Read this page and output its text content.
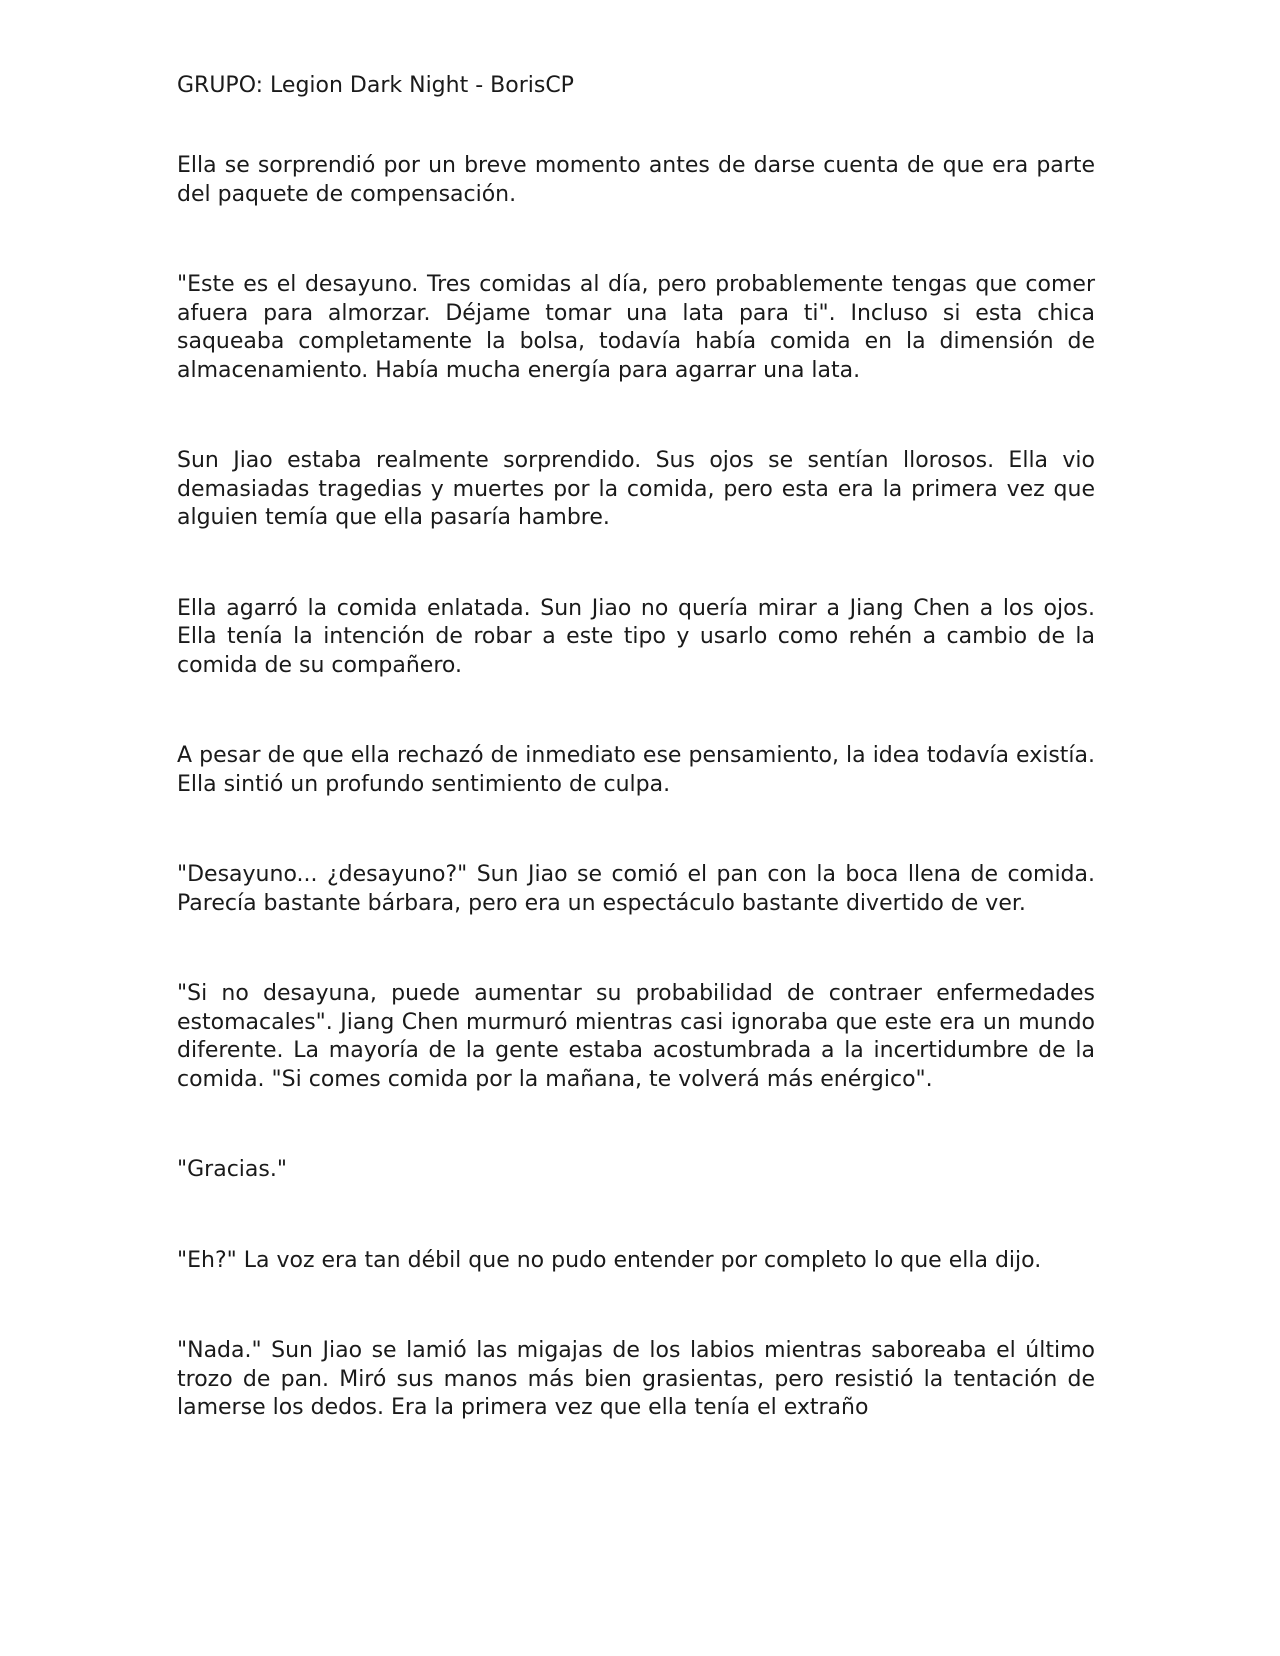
GRUPO: Legion Dark Night - BorisCP

Ella se sorprendió por un breve momento antes de darse cuenta de que era parte del paquete de compensación.

"Este es el desayuno. Tres comidas al día, pero probablemente tengas que comer afuera para almorzar. Déjame tomar una lata para ti". Incluso si esta chica saqueaba completamente la bolsa, todavía había comida en la dimensión de almacenamiento. Había mucha energía para agarrar una lata.

Sun Jiao estaba realmente sorprendido. Sus ojos se sentían llorosos. Ella vio demasiadas tragedias y muertes por la comida, pero esta era la primera vez que alguien temía que ella pasaría hambre.

Ella agarró la comida enlatada. Sun Jiao no quería mirar a Jiang Chen a los ojos. Ella tenía la intención de robar a este tipo y usarlo como rehén a cambio de la comida de su compañero.

A pesar de que ella rechazó de inmediato ese pensamiento, la idea todavía existía. Ella sintió un profundo sentimiento de culpa.

"Desayuno... ¿desayuno?" Sun Jiao se comió el pan con la boca llena de comida. Parecía bastante bárbara, pero era un espectáculo bastante divertido de ver.

"Si no desayuna, puede aumentar su probabilidad de contraer enfermedades estomacales". Jiang Chen murmuró mientras casi ignoraba que este era un mundo diferente. La mayoría de la gente estaba acostumbrada a la incertidumbre de la comida. "Si comes comida por la mañana, te volverá más enérgico".

"Gracias."

"Eh?" La voz era tan débil que no pudo entender por completo lo que ella dijo.

"Nada." Sun Jiao se lamió las migajas de los labios mientras saboreaba el último trozo de pan. Miró sus manos más bien grasientas, pero resistió la tentación de lamerse los dedos. Era la primera vez que ella tenía el extraño
